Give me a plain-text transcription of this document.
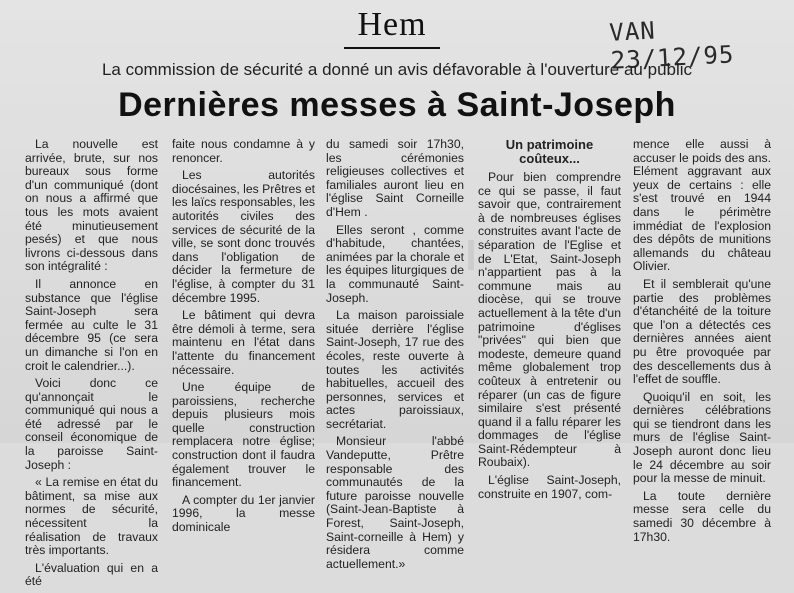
Hem	VAN 23/12/95
La commission de sécurité a donné un avis défavorable à l'ouverture au public
Dernières messes à Saint-Joseph

La nouvelle est arrivée, brute, sur nos bureaux sous forme d'un communiqué (dont on nous a affirmé que tous les mots avaient été minutieusement pesés) et que nous livrons ci-dessous dans son intégralité :

Il annonce en substance que l'église Saint-Joseph sera fermée au culte le 31 décembre 95 (ce sera un dimanche si l'on en croit le calendrier...).

Voici donc ce qu'annonçait le communiqué qui nous a été adressé par le conseil économique de la paroisse Saint-Joseph :

« La remise en état du bâtiment, sa mise aux normes de sécurité, nécessitent la réalisation de travaux très importants.

L'évaluation qui en a été

faite nous condamne à y renoncer.

Les autorités diocésaines, les Prêtres et les laïcs responsables, les autorités civiles des services de sécurité de la ville, se sont donc trouvés dans l'obligation de décider la fermeture de l'église, à compter du 31 décembre 1995.

Le bâtiment qui devra être démoli à terme, sera maintenu en l'état dans l'attente du financement nécessaire.

Une équipe de paroissiens, recherche depuis plusieurs mois quelle construction remplacera notre église; construction dont il faudra également trouver le financement.

A compter du 1er janvier 1996, la messe dominicale

du samedi soir 17h30, les cérémonies religieuses collectives et familiales auront lieu en l'église Saint Corneille d'Hem .

Elles seront , comme d'habitude, chantées, animées par la chorale et les équipes liturgiques de la communauté Saint-Joseph.

La maison paroissiale située derrière l'église Saint-Joseph, 17 rue des écoles, reste ouverte à toutes les activités habituelles, accueil des personnes, services et actes paroissiaux, secrétariat.

Monsieur l'abbé Vandeputte, Prêtre responsable des communautés de la future paroisse nouvelle (Saint-Jean-Baptiste à Forest, Saint-Joseph, Saint-corneille à Hem) y résidera comme actuellement.»

Un patrimoine
coûteux...

Pour bien comprendre ce qui se passe, il faut savoir que, contrairement à de nombreuses églises construites avant l'acte de séparation de l'Eglise et de L'Etat, Saint-Joseph n'appartient pas à la commune mais au diocèse, qui se trouve actuellement à la tête d'un patrimoine d'églises "privées" qui bien que modeste, demeure quand même globalement trop coûteux à entretenir ou réparer (un cas de figure similaire s'est présenté quand il a fallu réparer les dommages de l'église Saint-Rédempteur à Roubaix).

L'église Saint-Joseph, construite en 1907, com-

mence elle aussi à accuser le poids des ans. Elément aggravant aux yeux de certains : elle s'est trouvé en 1944 dans le périmètre immédiat de l'explosion des dépôts de munitions allemands du château Olivier.

Et il semblerait qu'une partie des problèmes d'étanchéité de la toiture que l'on a détectés ces dernières années aient pu être provoquée par des descellements dus à l'effet de souffle.

Quoiqu'il en soit, les dernières célébrations qui se tiendront dans les murs de l'église Saint-Joseph auront donc lieu le 24 décembre au soir pour la messe de minuit.

La toute dernière messe sera celle du samedi 30 décembre à 17h30.
